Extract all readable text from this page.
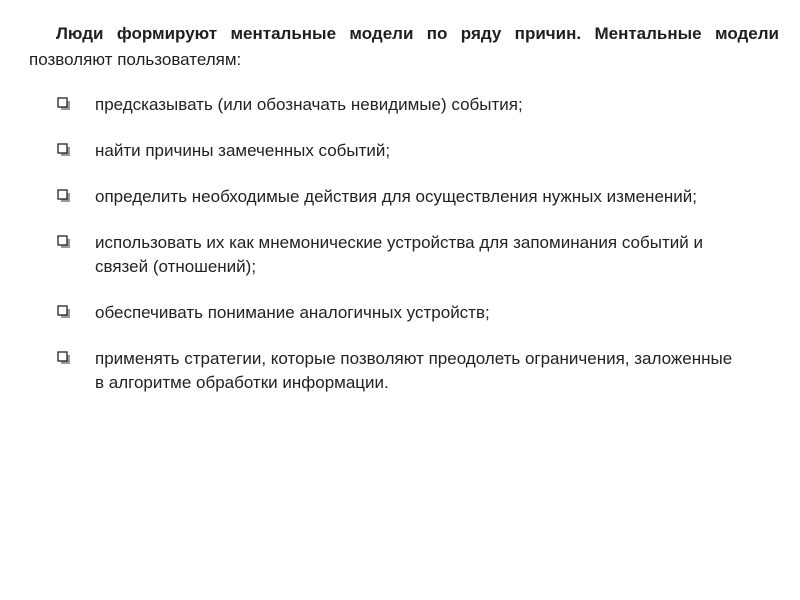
Люди формируют ментальные модели по ряду причин. Ментальные модели позволяют пользователям:

предсказывать (или обозначать невидимые) события;
найти причины замеченных событий;
определить необходимые действия для осуществления нужных изменений;
использовать их как мнемонические устройства для запоминания событий и связей (отношений);
обеспечивать понимание аналогичных устройств;
применять стратегии, которые позволяют преодолеть ограничения, заложенные в алгоритме обработки информации.
